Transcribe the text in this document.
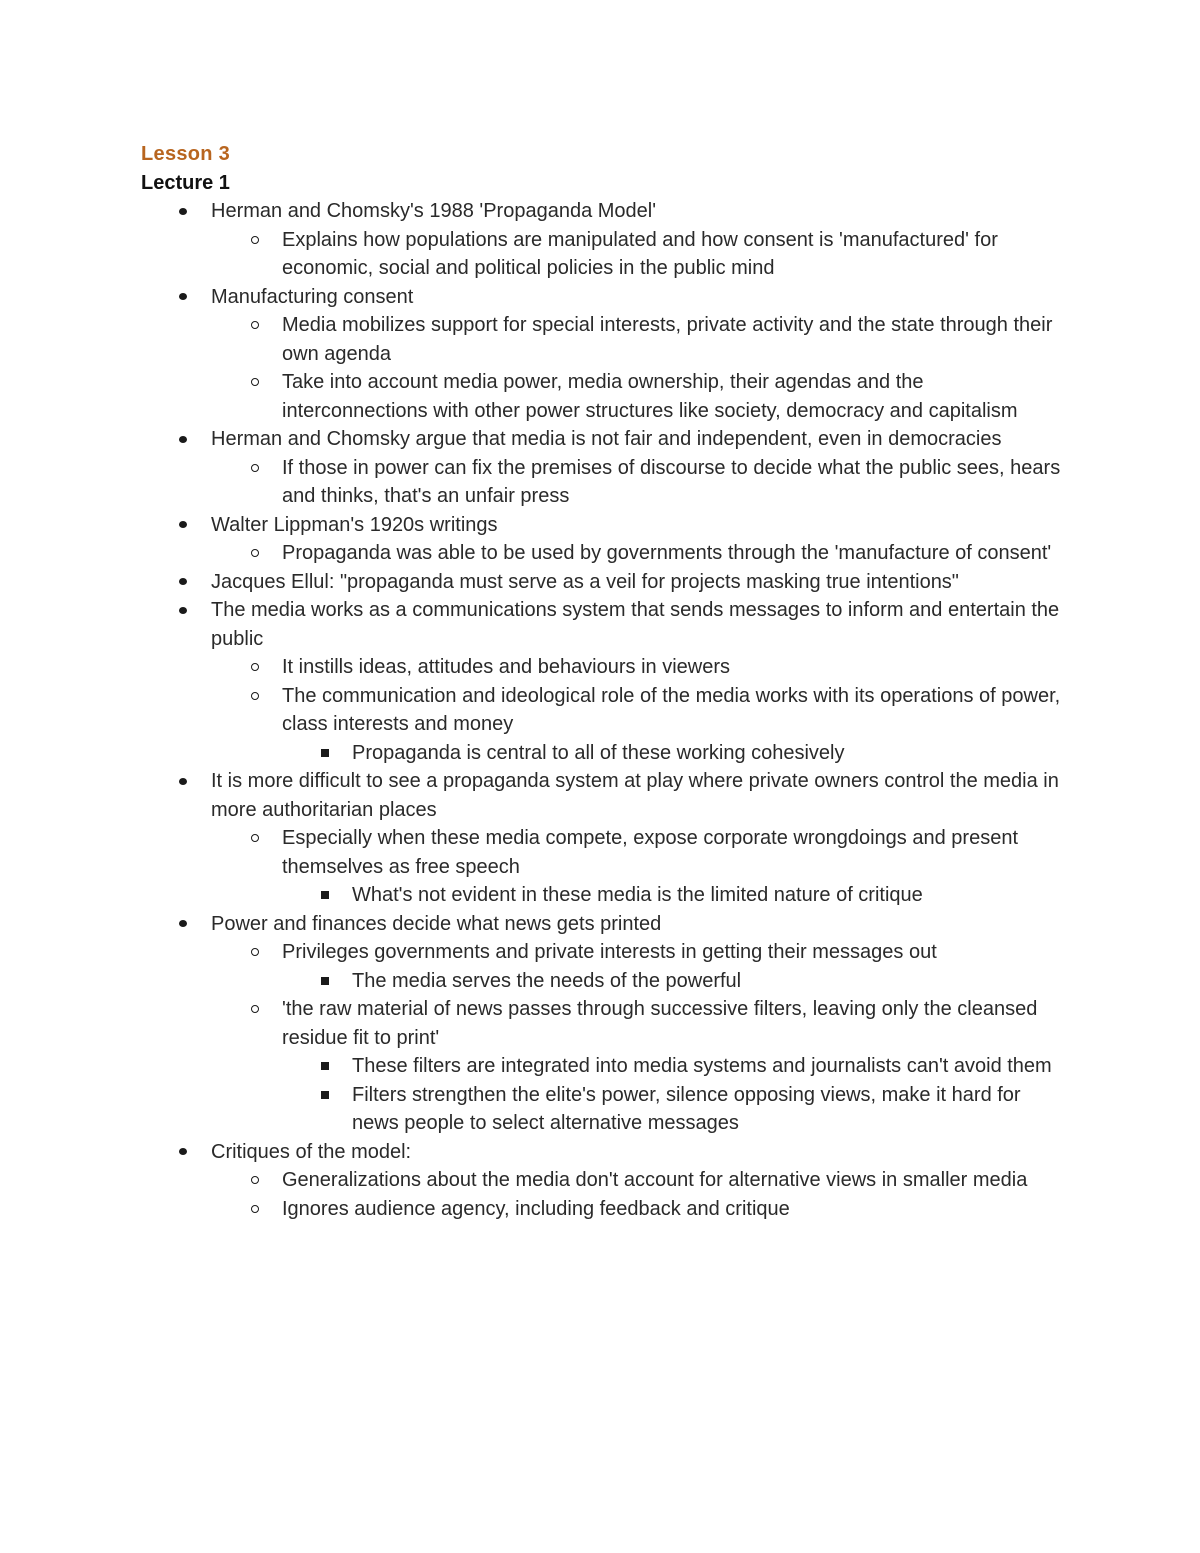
Lesson 3
Lecture 1
Herman and Chomsky's 1988 'Propaganda Model'
Explains how populations are manipulated and how consent is 'manufactured' for economic, social and political policies in the public mind
Manufacturing consent
Media mobilizes support for special interests, private activity and the state through their own agenda
Take into account media power, media ownership, their agendas and the interconnections with other power structures like society, democracy and capitalism
Herman and Chomsky argue that media is not fair and independent, even in democracies
If those in power can fix the premises of discourse to decide what the public sees, hears and thinks, that's an unfair press
Walter Lippman's 1920s writings
Propaganda was able to be used by governments through the 'manufacture of consent'
Jacques Ellul: "propaganda must serve as a veil for projects masking true intentions"
The media works as a communications system that sends messages to inform and entertain the public
It instills ideas, attitudes and behaviours in viewers
The communication and ideological role of the media works with its operations of power, class interests and money
Propaganda is central to all of these working cohesively
It is more difficult to see a propaganda system at play where private owners control the media in more authoritarian places
Especially when these media compete, expose corporate wrongdoings and present themselves as free speech
What's not evident in these media is the limited nature of critique
Power and finances decide what news gets printed
Privileges governments and private interests in getting their messages out
The media serves the needs of the powerful
'the raw material of news passes through successive filters, leaving only the cleansed residue fit to print'
These filters are integrated into media systems and journalists can't avoid them
Filters strengthen the elite's power, silence opposing views, make it hard for news people to select alternative messages
Critiques of the model:
Generalizations about the media don't account for alternative views in smaller media
Ignores audience agency, including feedback and critique
